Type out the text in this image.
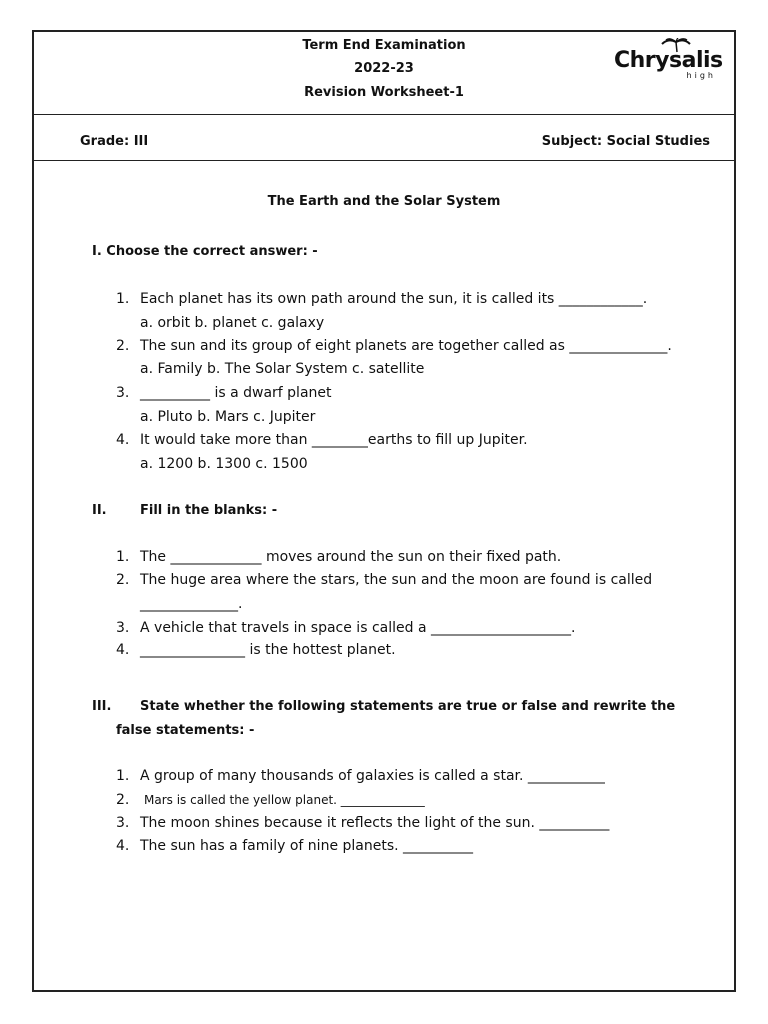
Term End Examination
2022-23
Revision Worksheet-1
Chrysalis
high
Grade: III	Subject: Social Studies
The Earth and the Solar System
I. Choose the correct answer: -
1. Each planet has its own path around the sun, it is called its ____________.
a. orbit b. planet c. galaxy
2. The sun and its group of eight planets are together called as ______________.
a. Family b. The Solar System c. satellite
3. __________ is a dwarf planet
a. Pluto b. Mars c. Jupiter
4. It would take more than ________earths to fill up Jupiter.
a. 1200 b. 1300 c. 1500
II.	Fill in the blanks: -
1. The _____________ moves around the sun on their fixed path.
2. The huge area where the stars, the sun and the moon are found is called
______________.
3. A vehicle that travels in space is called a ____________________.
4. _______________ is the hottest planet.
III. State whether the following statements are true or false and rewrite the
false statements: -
1. A group of many thousands of galaxies is called a star. ___________
2. Mars is called the yellow planet. ______________
3. The moon shines because it reflects the light of the sun. __________
4. The sun has a family of nine planets. __________
